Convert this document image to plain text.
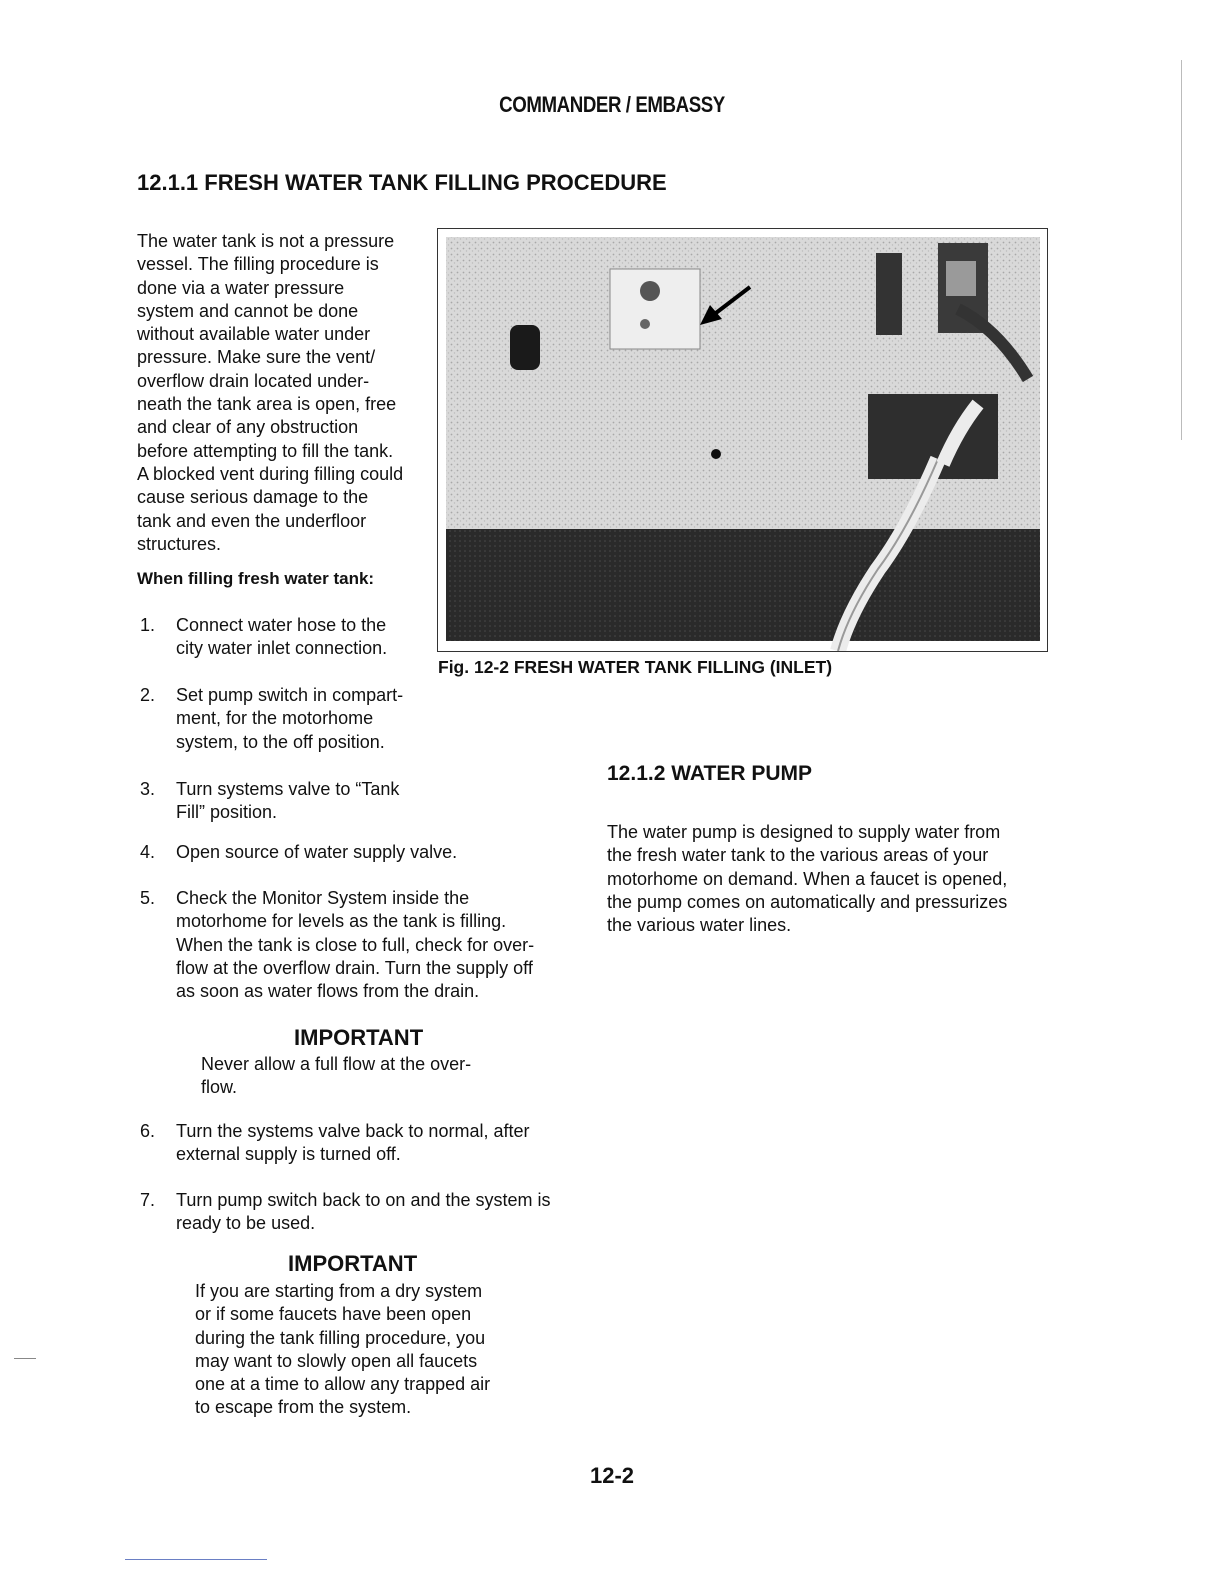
COMMANDER / EMBASSY
12.1.1 FRESH WATER TANK FILLING PROCEDURE
The water tank is not a pressure
vessel. The filling procedure is
done via a water pressure
system and cannot be done
without available water under
pressure. Make sure the vent/
overflow drain located under-
neath the tank area is open, free
and clear of any obstruction
before attempting to fill the tank.
A blocked vent during filling could
cause serious damage to the
tank and even the underfloor
structures.
When filling fresh water tank:
1. Connect water hose to the
city water inlet connection.
2. Set pump switch in compart-
ment, for the motorhome
system, to the off position.
3. Turn systems valve to “Tank
Fill” position.
4. Open source of water supply valve.
5. Check the Monitor System inside the
motorhome for levels as the tank is filling.
When the tank is close to full, check for over-
flow at the overflow drain. Turn the supply off
as soon as water flows from the drain.
IMPORTANT
Never allow a full flow at the over-
flow.
6. Turn the systems valve back to normal, after
external supply is turned off.
7. Turn pump switch back to on and the system is
ready to be used.
IMPORTANT
If you are starting from a dry system
or if some faucets have been open
during the tank filling procedure, you
may want to slowly open all faucets
one at a time to allow any trapped air
to escape from the system.
Fig. 12-2 FRESH WATER TANK FILLING (INLET)
12.1.2 WATER PUMP
The water pump is designed to supply water from
the fresh water tank to the various areas of your
motorhome on demand. When a faucet is opened,
the pump comes on automatically and pressurizes
the various water lines.
12-2
